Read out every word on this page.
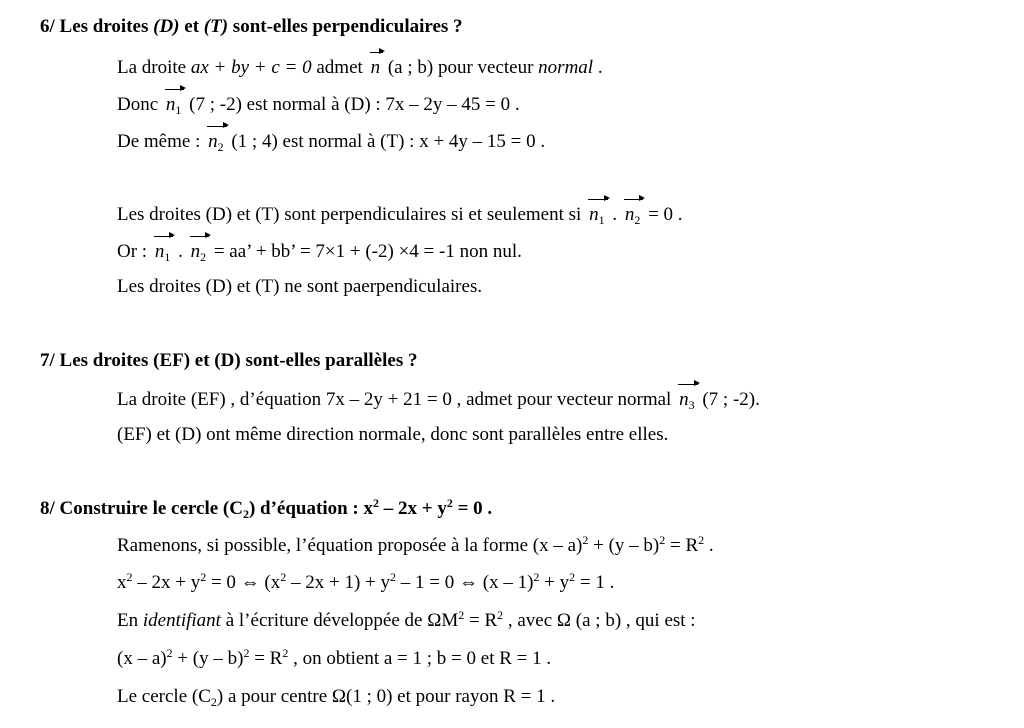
6/ Les droites (D) et (T) sont-elles perpendiculaires ?
La droite ax + by + c = 0 admet n (a ; b) pour vecteur normal .
Donc $n_1$ (7 ; -2) est normal à (D) : 7x – 2y – 45 = 0 .
De même : $n_2$ (1 ; 4) est normal à (T) : x + 4y – 15 = 0 .
Les droites (D) et (T) sont perpendiculaires si et seulement si $n_1$ . $n_2 = 0$ .
Or : $n_1$ . $n_2$ = aa’ + bb’ = 7×1 + (-2) ×4 = -1 non nul.
Les droites (D) et (T) ne sont paerpendiculaires.
7/ Les droites (EF) et (D) sont-elles parallèles ?
La droite (EF) , d’équation 7x – 2y + 21 = 0 , admet pour vecteur normal $n_3$ (7 ; -2).
(EF) et (D) ont même direction normale, donc sont parallèles entre elles.
8/ Construire le cercle $(C_2)$ d’équation : $x^2 - 2x + y^2 = 0$ .
Ramenons, si possible, l’équation proposée à la forme $(x - a)^2 + (y - b)^2 = R^2$ .
$x^2 - 2x + y^2 = 0$ ⇔ $(x^2 - 2x + 1) + y^2 - 1 = 0$ ⇔ $(x - 1)^2 + y^2 = 1$ .
En identifiant à l’écriture développée de $\Omega M^2 = R^2$ , avec Ω (a ; b) , qui est :
$(x - a)^2 + (y - b)^2 = R^2$ , on obtient a = 1 ; b = 0 et R = 1 .
Le cercle $(C_2)$ a pour centre Ω(1 ; 0) et pour rayon R = 1 .
